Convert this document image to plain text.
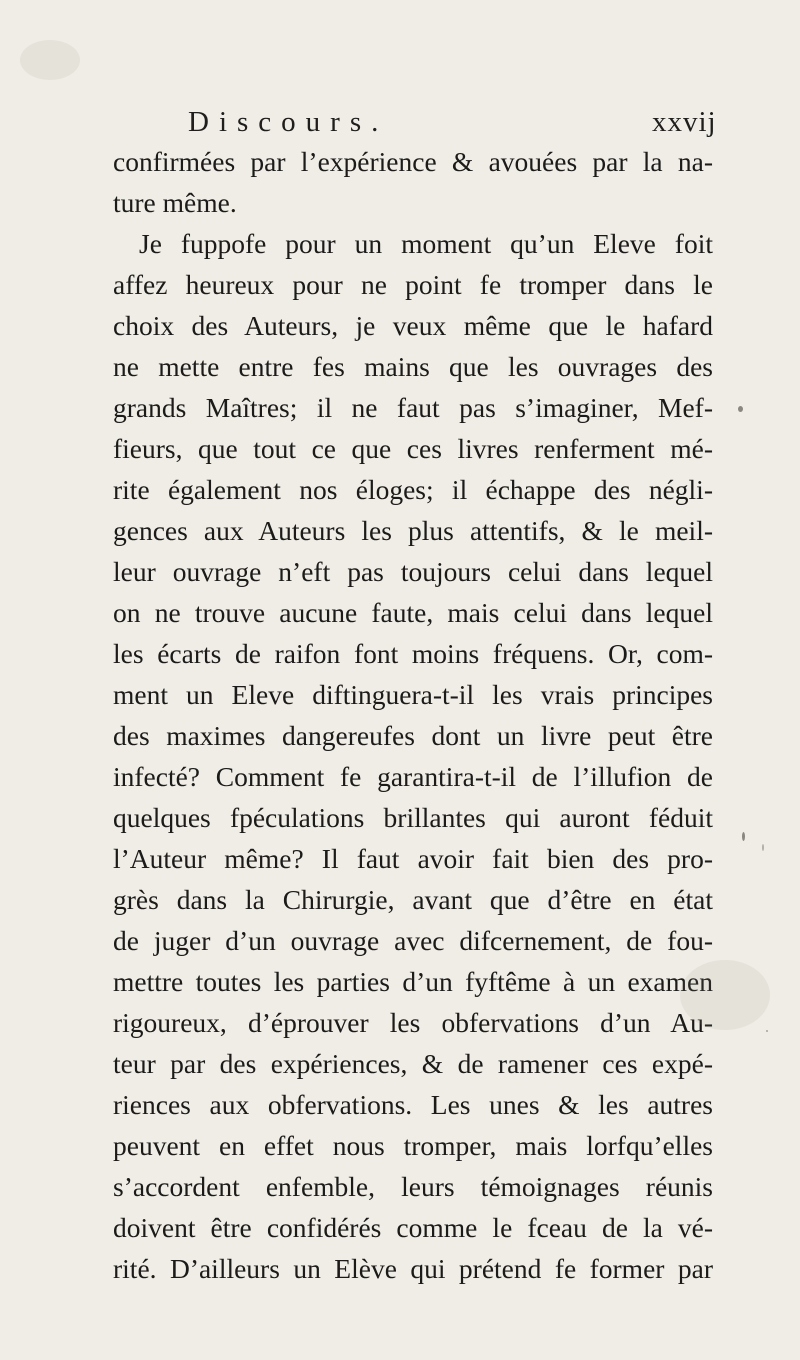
Discours.	xxvij
confirmées par l’expérience & avouées par la na-
ture même.
Je fuppofe pour un moment qu’un Eleve foit
affez heureux pour ne point fe tromper dans le
choix des Auteurs, je veux même que le hafard
ne mette entre fes mains que les ouvrages des
grands Maîtres; il ne faut pas s’imaginer, Mef-
fieurs, que tout ce que ces livres renferment mé-
rite également nos éloges; il échappe des négli-
gences aux Auteurs les plus attentifs, & le meil-
leur ouvrage n’eft pas toujours celui dans lequel
on ne trouve aucune faute, mais celui dans lequel
les écarts de raifon font moins fréquens. Or, com-
ment un Eleve diftinguera-t-il les vrais principes
des maximes dangereufes dont un livre peut être
infecté? Comment fe garantira-t-il de l’illufion de
quelques fpéculations brillantes qui auront féduit
l’Auteur même? Il faut avoir fait bien des pro-
grès dans la Chirurgie, avant que d’être en état
de juger d’un ouvrage avec difcernement, de fou-
mettre toutes les parties d’un fyftême à un examen
rigoureux, d’éprouver les obfervations d’un Au-
teur par des expériences, & de ramener ces expé-
riences aux obfervations. Les unes & les autres
peuvent en effet nous tromper, mais lorfqu’elles
s’accordent enfemble, leurs témoignages réunis
doivent être confidérés comme le fceau de la vé-
rité. D’ailleurs un Elève qui prétend fe former par
